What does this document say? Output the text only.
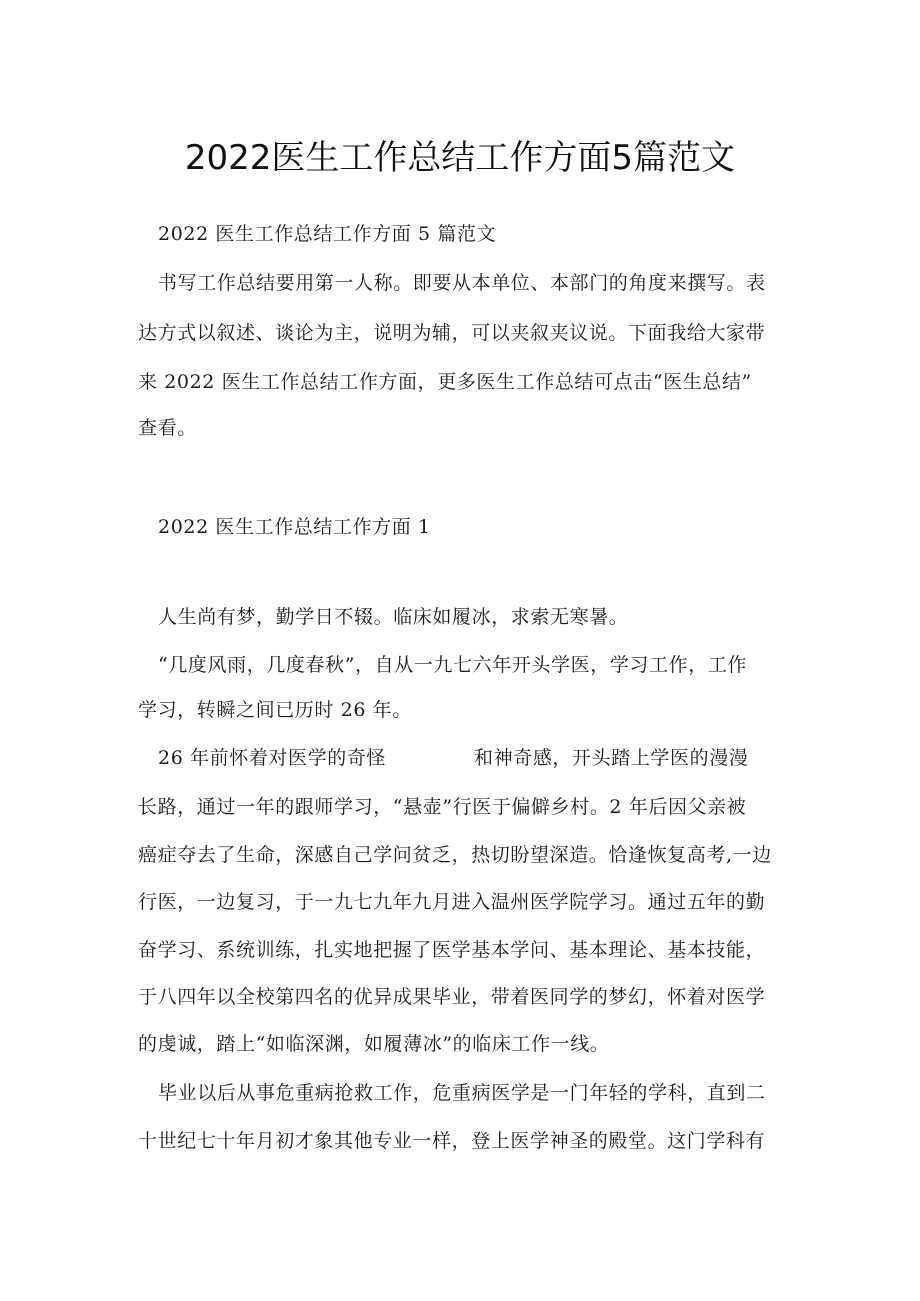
2022医生工作总结工作方面5篇范文
2022 医生工作总结工作方面 5 篇范文
书写工作总结要用第一人称。即要从本单位、本部门的角度来撰写。表
达方式以叙述、谈论为主，说明为辅，可以夹叙夹议说。下面我给大家带
来 2022 医生工作总结工作方面，更多医生工作总结可点击“医生总结”
查看。
2022 医生工作总结工作方面 1
人生尚有梦，勤学日不辍。临床如履冰，求索无寒暑。
“几度风雨，几度春秋”，自从一九七六年开头学医，学习工作，工作
学习，转瞬之间已历时 26 年。
26 年前怀着对医学的奇怪	和神奇感，开头踏上学医的漫漫
长路，通过一年的跟师学习，“悬壶”行医于偏僻乡村。2 年后因父亲被
癌症夺去了生命，深感自己学问贫乏，热切盼望深造。恰逢恢复高考,一边
行医，一边复习，于一九七九年九月进入温州医学院学习。通过五年的勤
奋学习、系统训练，扎实地把握了医学基本学问、基本理论、基本技能，
于八四年以全校第四名的优异成果毕业，带着医同学的梦幻，怀着对医学
的虔诚，踏上“如临深渊，如履薄冰”的临床工作一线。
毕业以后从事危重病抢救工作，危重病医学是一门年轻的学科，直到二
十世纪七十年月初才象其他专业一样，登上医学神圣的殿堂。这门学科有
